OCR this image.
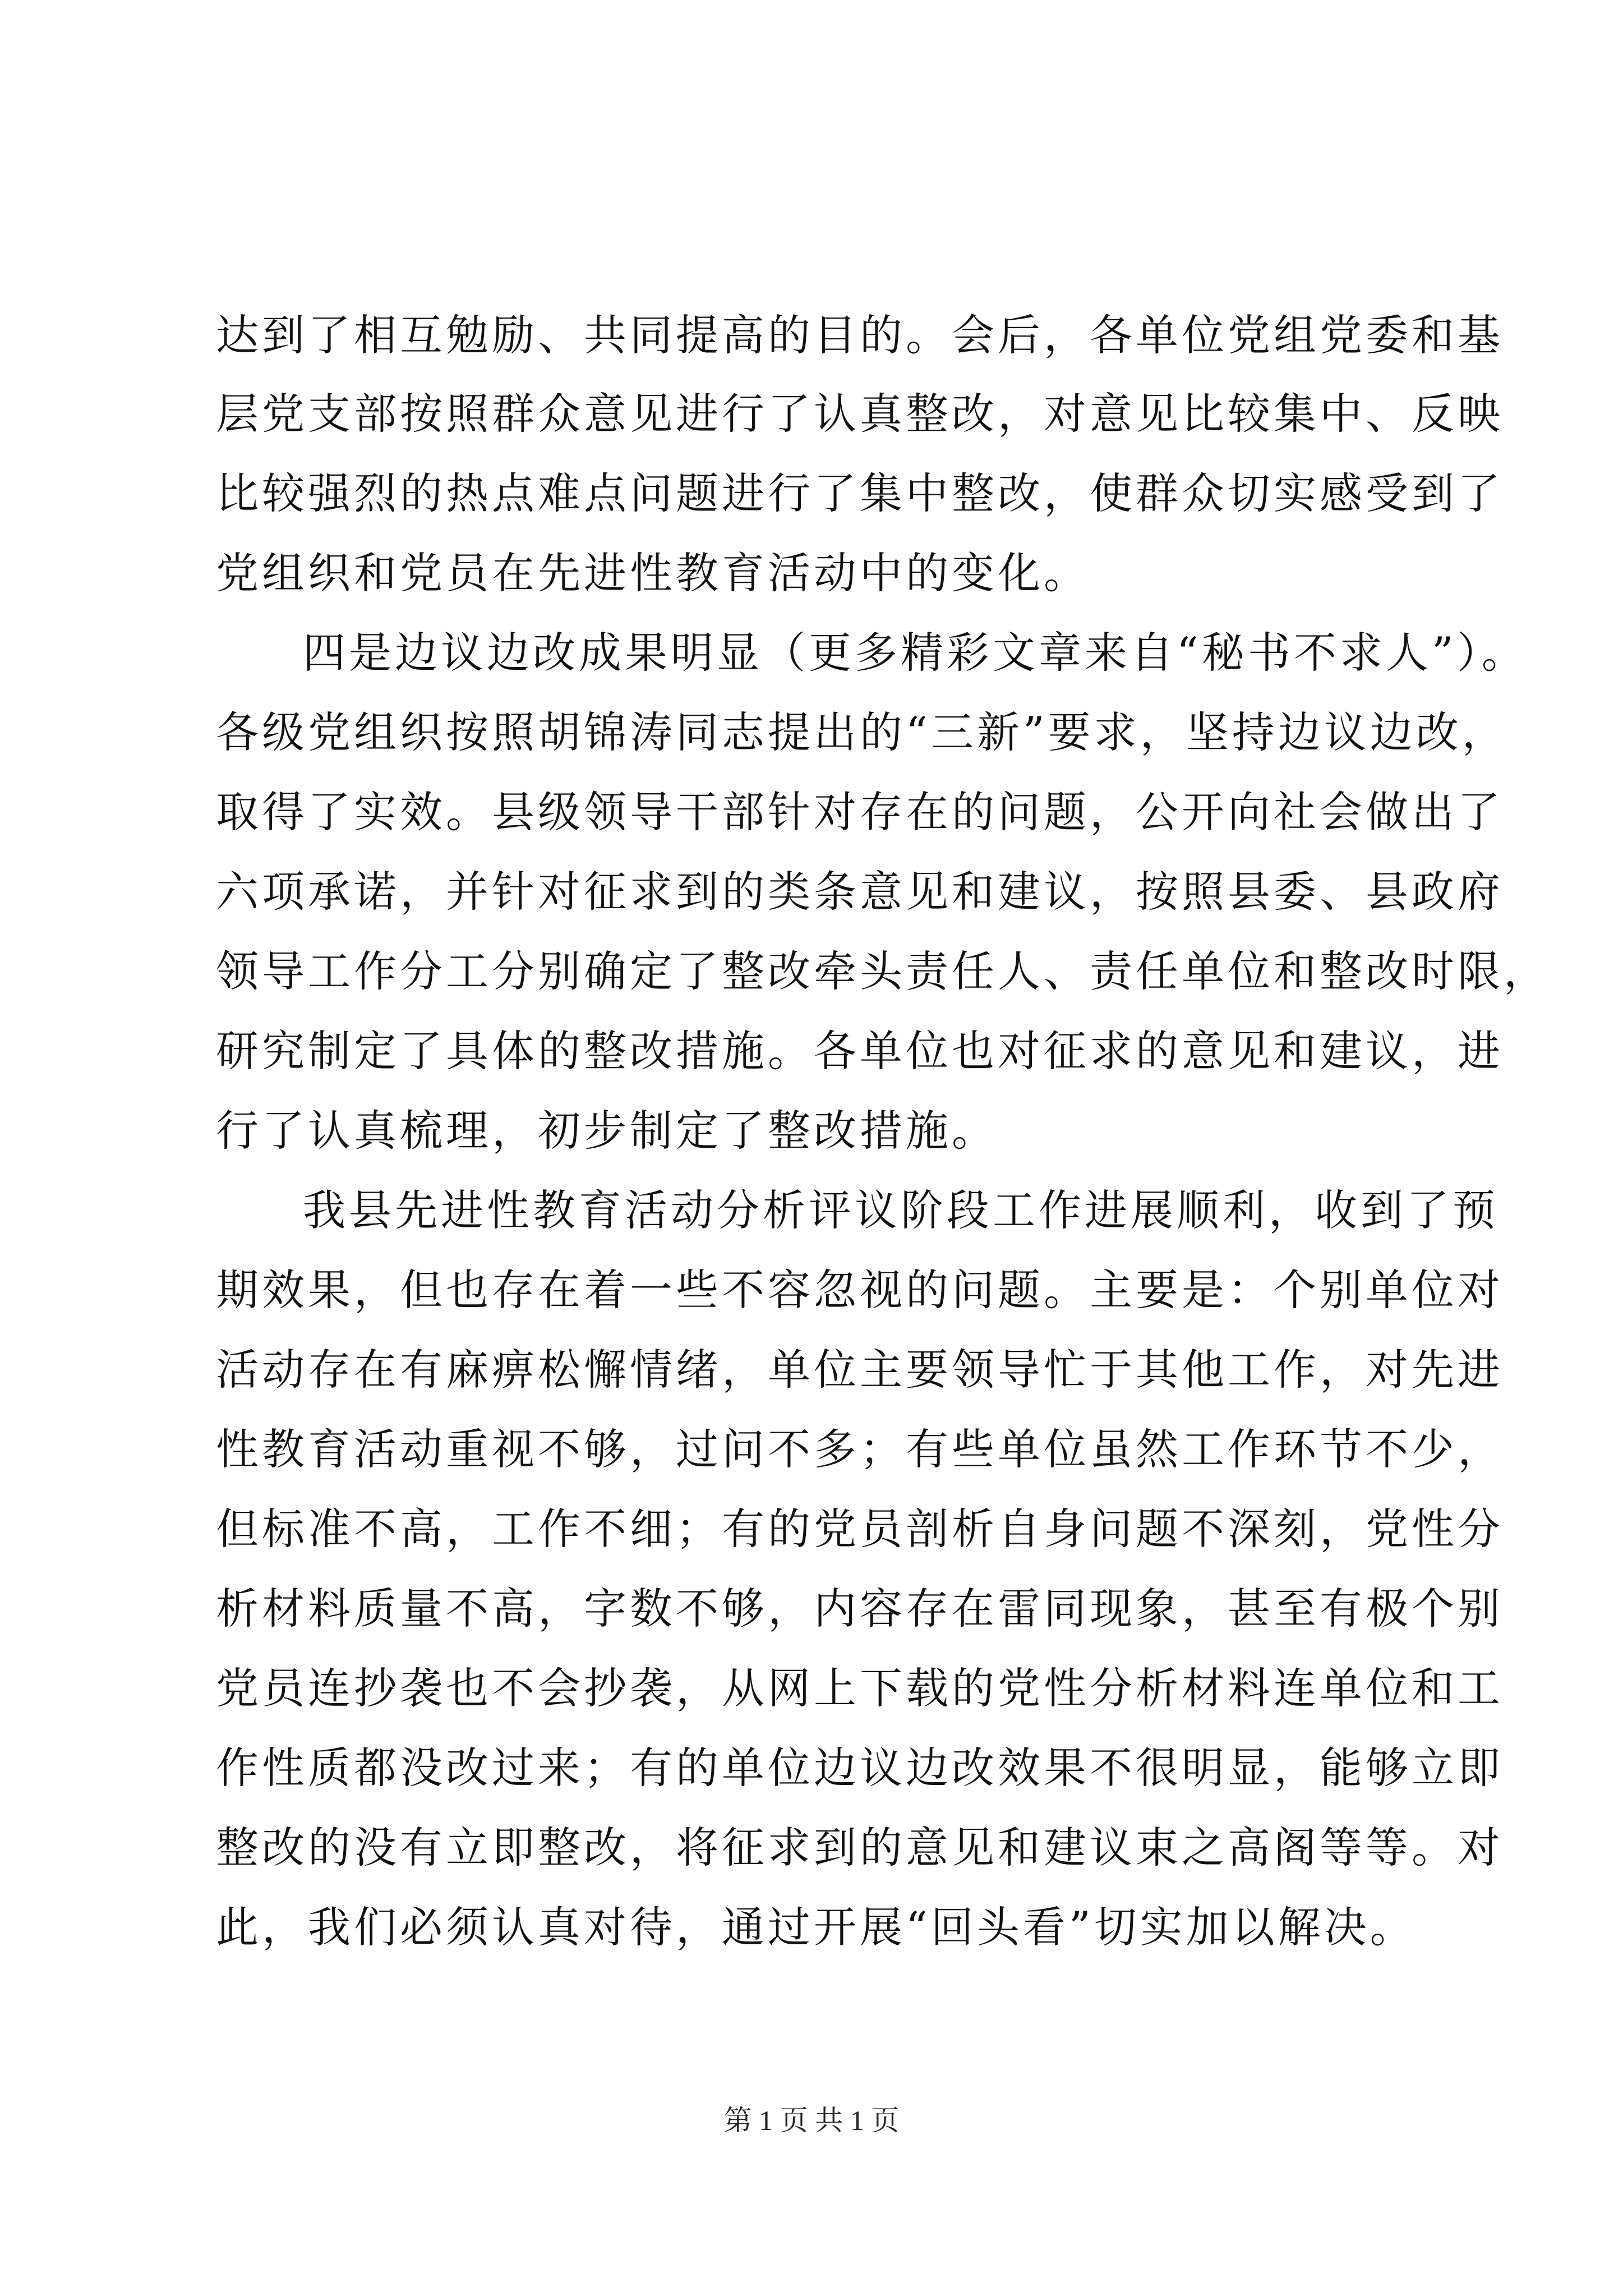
达到了相互勉励、共同提高的目的。会后，各单位党组党委和基
层党支部按照群众意见进行了认真整改，对意见比较集中、反映
比较强烈的热点难点问题进行了集中整改，使群众切实感受到了
党组织和党员在先进性教育活动中的变化。
四是边议边改成果明显（更多精彩文章来自“秘书不求人”）。
各级党组织按照胡锦涛同志提出的“三新”要求，坚持边议边改，
取得了实效。县级领导干部针对存在的问题，公开向社会做出了
六项承诺，并针对征求到的类条意见和建议，按照县委、县政府
领导工作分工分别确定了整改牵头责任人、责任单位和整改时限，
研究制定了具体的整改措施。各单位也对征求的意见和建议，进
行了认真梳理，初步制定了整改措施。
我县先进性教育活动分析评议阶段工作进展顺利，收到了预
期效果，但也存在着一些不容忽视的问题。主要是：个别单位对
活动存在有麻痹松懈情绪，单位主要领导忙于其他工作，对先进
性教育活动重视不够，过问不多；有些单位虽然工作环节不少，
但标准不高，工作不细；有的党员剖析自身问题不深刻，党性分
析材料质量不高，字数不够，内容存在雷同现象，甚至有极个别
党员连抄袭也不会抄袭，从网上下载的党性分析材料连单位和工
作性质都没改过来；有的单位边议边改效果不很明显，能够立即
整改的没有立即整改，将征求到的意见和建议束之高阁等等。对
此，我们必须认真对待，通过开展“回头看”切实加以解决。
第 1 页 共 1 页
